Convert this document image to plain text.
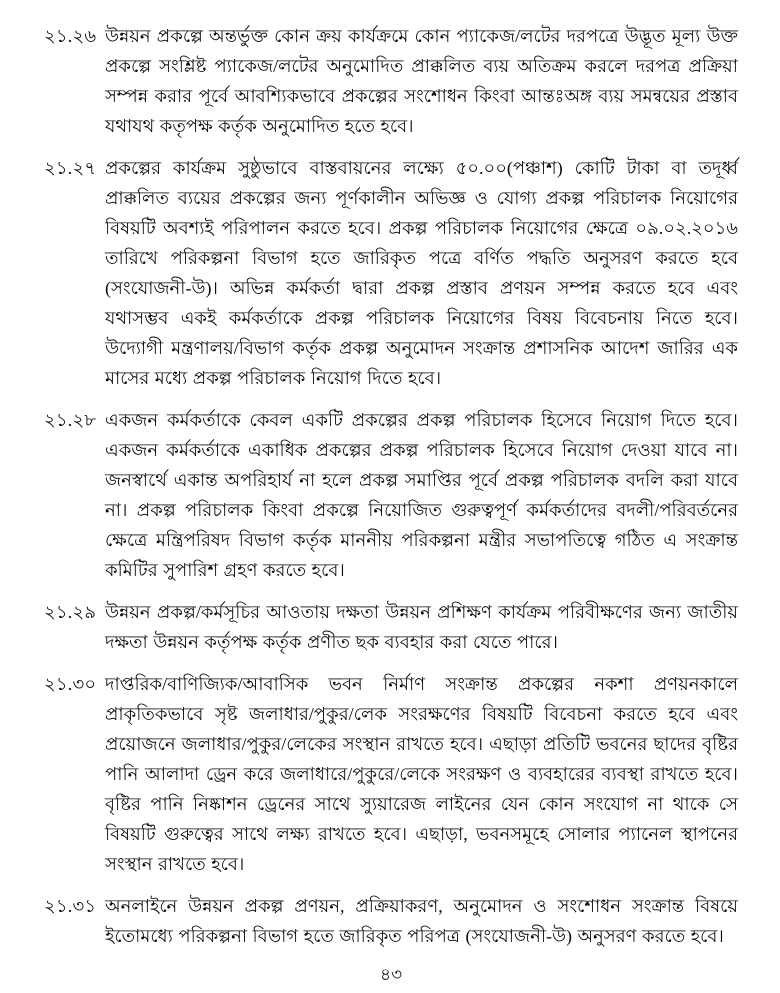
২১.২৬ উন্নয়ন প্রকল্পে অন্তর্ভুক্ত কোন ক্রয় কার্যক্রমে কোন প্যাকেজ/লটের দরপত্রে উদ্ভূত মূল্য উক্ত প্রকল্পে সংশ্লিষ্ট প্যাকেজ/লটের অনুমোদিত প্রাক্কলিত ব্যয় অতিক্রম করলে দরপত্র প্রক্রিয়া সম্পন্ন করার পূর্বে আবশ্যিকভাবে প্রকল্পের সংশোধন কিংবা আন্তঃঅঙ্গ ব্যয় সমন্বয়ের প্রস্তাব যথাযথ কতৃপক্ষ কর্তৃক অনুমোদিত হতে হবে।
২১.২৭ প্রকল্পের কার্যক্রম সুষ্ঠুভাবে বাস্তবায়নের লক্ষ্যে ৫০.০০(পঞ্চাশ) কোটি টাকা বা তদূর্ধ্ব প্রাক্কলিত ব্যয়ের প্রকল্পের জন্য পূর্ণকালীন অভিজ্ঞ ও যোগ্য প্রকল্প পরিচালক নিয়োগের বিষয়টি অবশ্যই পরিপালন করতে হবে। প্রকল্প পরিচালক নিয়োগের ক্ষেত্রে ০৯.০২.২০১৬ তারিখে পরিকল্পনা বিভাগ হতে জারিকৃত পত্রে বর্ণিত পদ্ধতি অনুসরণ করতে হবে (সংযোজনী-উ)। অভিন্ন কর্মকর্তা দ্বারা প্রকল্প প্রস্তাব প্রণয়ন সম্পন্ন করতে হবে এবং যথাসম্ভব একই কর্মকর্তাকে প্রকল্প পরিচালক নিয়োগের বিষয় বিবেচনায় নিতে হবে। উদ্যোগী মন্ত্রণালয়/বিভাগ কর্তৃক প্রকল্প অনুমোদন সংক্রান্ত প্রশাসনিক আদেশ জারির এক মাসের মধ্যে প্রকল্প পরিচালক নিয়োগ দিতে হবে।
২১.২৮ একজন কর্মকর্তাকে কেবল একটি প্রকল্পের প্রকল্প পরিচালক হিসেবে নিয়োগ দিতে হবে। একজন কর্মকর্তাকে একাধিক প্রকল্পের প্রকল্প পরিচালক হিসেবে নিয়োগ দেওয়া যাবে না। জনস্বার্থে একান্ত অপরিহার্য না হলে প্রকল্প সমাপ্তির পূর্বে প্রকল্প পরিচালক বদলি করা যাবে না। প্রকল্প পরিচালক কিংবা প্রকল্পে নিয়োজিত গুরুত্বপূর্ণ কর্মকর্তাদের বদলী/পরিবর্তনের ক্ষেত্রে মন্ত্রিপরিষদ বিভাগ কর্তৃক মাননীয় পরিকল্পনা মন্ত্রীর সভাপতিত্বে গঠিত এ সংক্রান্ত কমিটির সুপারিশ গ্রহণ করতে হবে।
২১.২৯ উন্নয়ন প্রকল্প/কর্মসূচির আওতায় দক্ষতা উন্নয়ন প্রশিক্ষণ কার্যক্রম পরিবীক্ষণের জন্য জাতীয় দক্ষতা উন্নয়ন কর্তৃপক্ষ কর্তৃক প্রণীত ছক ব্যবহার করা যেতে পারে।
২১.৩০ দাপ্তরিক/বাণিজ্যিক/আবাসিক ভবন নির্মাণ সংক্রান্ত প্রকল্পের নকশা প্রণয়নকালে প্রাকৃতিকভাবে সৃষ্ট জলাধার/পুকুর/লেক সংরক্ষণের বিষয়টি বিবেচনা করতে হবে এবং প্রয়োজনে জলাধার/পুকুর/লেকের সংস্থান রাখতে হবে। এছাড়া প্রতিটি ভবনের ছাদের বৃষ্টির পানি আলাদা ড্রেন করে জলাধারে/পুকুরে/লেকে সংরক্ষণ ও ব্যবহারের ব্যবস্থা রাখতে হবে। বৃষ্টির পানি নিষ্কাশন ড্রেনের সাথে স্যুয়ারেজ লাইনের যেন কোন সংযোগ না থাকে সে বিষয়টি গুরুত্বের সাথে লক্ষ্য রাখতে হবে। এছাড়া, ভবনসমূহে সোলার প্যানেল স্থাপনের সংস্থান রাখতে হবে।
২১.৩১ অনলাইনে উন্নয়ন প্রকল্প প্রণয়ন, প্রক্রিয়াকরণ, অনুমোদন ও সংশোধন সংক্রান্ত বিষয়ে ইতোমধ্যে পরিকল্পনা বিভাগ হতে জারিকৃত পরিপত্র (সংযোজনী-উ) অনুসরণ করতে হবে।
৪৩
